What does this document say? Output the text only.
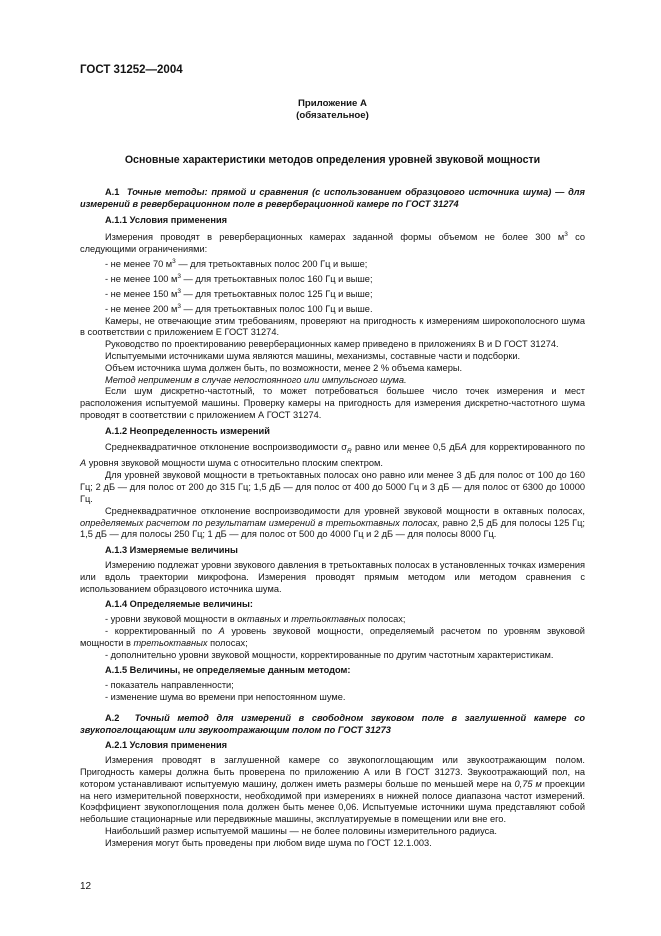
ГОСТ 31252—2004
Приложение А
(обязательное)
Основные характеристики методов определения уровней звуковой мощности

А.1 Точные методы: прямой и сравнения (с использованием образцового источника шума) — для измерений в реверберационном поле в реверберационной камере по ГОСТ 31274

А.1.1 Условия применения

Измерения проводят в реверберационных камерах заданной формы объемом не более 300 $м^3$ со следующими ограничениями:

- не менее 70 $м^3$ — для третьоктавных полос 200 Гц и выше;

- не менее 100 $м^3$ — для третьоктавных полос 160 Гц и выше;

- не менее 150 $м^3$ — для третьоктавных полос 125 Гц и выше;

- не менее 200 $м^3$ — для третьоктавных полос 100 Гц и выше.

Камеры, не отвечающие этим требованиям, проверяют на пригодность к измерениям широкополосного шума в соответствии с приложением Е ГОСТ 31274.

Руководство по проектированию реверберационных камер приведено в приложениях В и D ГОСТ 31274.

Испытуемыми источниками шума являются машины, механизмы, составные части и подсборки.

Объем источника шума должен быть, по возможности, менее 2 % объема камеры.

Метод неприменим в случае непостоянного или импульсного шума.

Если шум дискретно-частотный, то может потребоваться большее число точек измерения и мест расположения испытуемой машины. Проверку камеры на пригодность для измерения дискретно-частотного шума проводят в соответствии с приложением А ГОСТ 31274.

А.1.2 Неопределенность измерений

Среднеквадратичное отклонение воспроизводимости $\sigma_R$ равно или менее 0,5 дБА для корректированного по А уровня звуковой мощности шума с относительно плоским спектром.

Для уровней звуковой мощности в третьоктавных полосах оно равно или менее 3 дБ для полос от 100 до 160 Гц; 2 дБ — для полос от 200 до 315 Гц; 1,5 дБ — для полос от 400 до 5000 Гц и 3 дБ — для полос от 6300 до 10000 Гц.

Среднеквадратичное отклонение воспроизводимости для уровней звуковой мощности в октавных полосах, определяемых расчетом по результатам измерений в третьоктавных полосах, равно 2,5 дБ для полосы 125 Гц; 1,5 дБ — для полосы 250 Гц; 1 дБ — для полос от 500 до 4000 Гц и 2 дБ — для полосы 8000 Гц.

А.1.3 Измеряемые величины

Измерению подлежат уровни звукового давления в третьоктавных полосах в установленных точках измерения или вдоль траектории микрофона. Измерения проводят прямым методом или методом сравнения с использованием образцового источника шума.

А.1.4 Определяемые величины:

- уровни звуковой мощности в октавных и третьоктавных полосах;

- корректированный по А уровень звуковой мощности, определяемый расчетом по уровням звуковой мощности в третьоктавных полосах;

- дополнительно уровни звуковой мощности, корректированные по другим частотным характеристикам.

А.1.5 Величины, не определяемые данным методом:

- показатель направленности;

- изменение шума во времени при непостоянном шуме.

А.2 Точный метод для измерений в свободном звуковом поле в заглушенной камере со звукопоглощающим или звукоотражающим полом по ГОСТ 31273

А.2.1 Условия применения

Измерения проводят в заглушенной камере со звукопоглощающим или звукоотражающим полом. Пригодность камеры должна быть проверена по приложению А или В ГОСТ 31273. Звукоотражающий пол, на котором устанавливают испытуемую машину, должен иметь размеры больше по меньшей мере на 0,75 м проекции на него измерительной поверхности, необходимой при измерениях в нижней полосе диапазона частот измерений. Коэффициент звукопоглощения пола должен быть менее 0,06. Испытуемые источники шума представляют собой небольшие стационарные или передвижные машины, эксплуатируемые в помещении или вне его.

Наибольший размер испытуемой машины — не более половины измерительного радиуса.

Измерения могут быть проведены при любом виде шума по ГОСТ 12.1.003.

12
